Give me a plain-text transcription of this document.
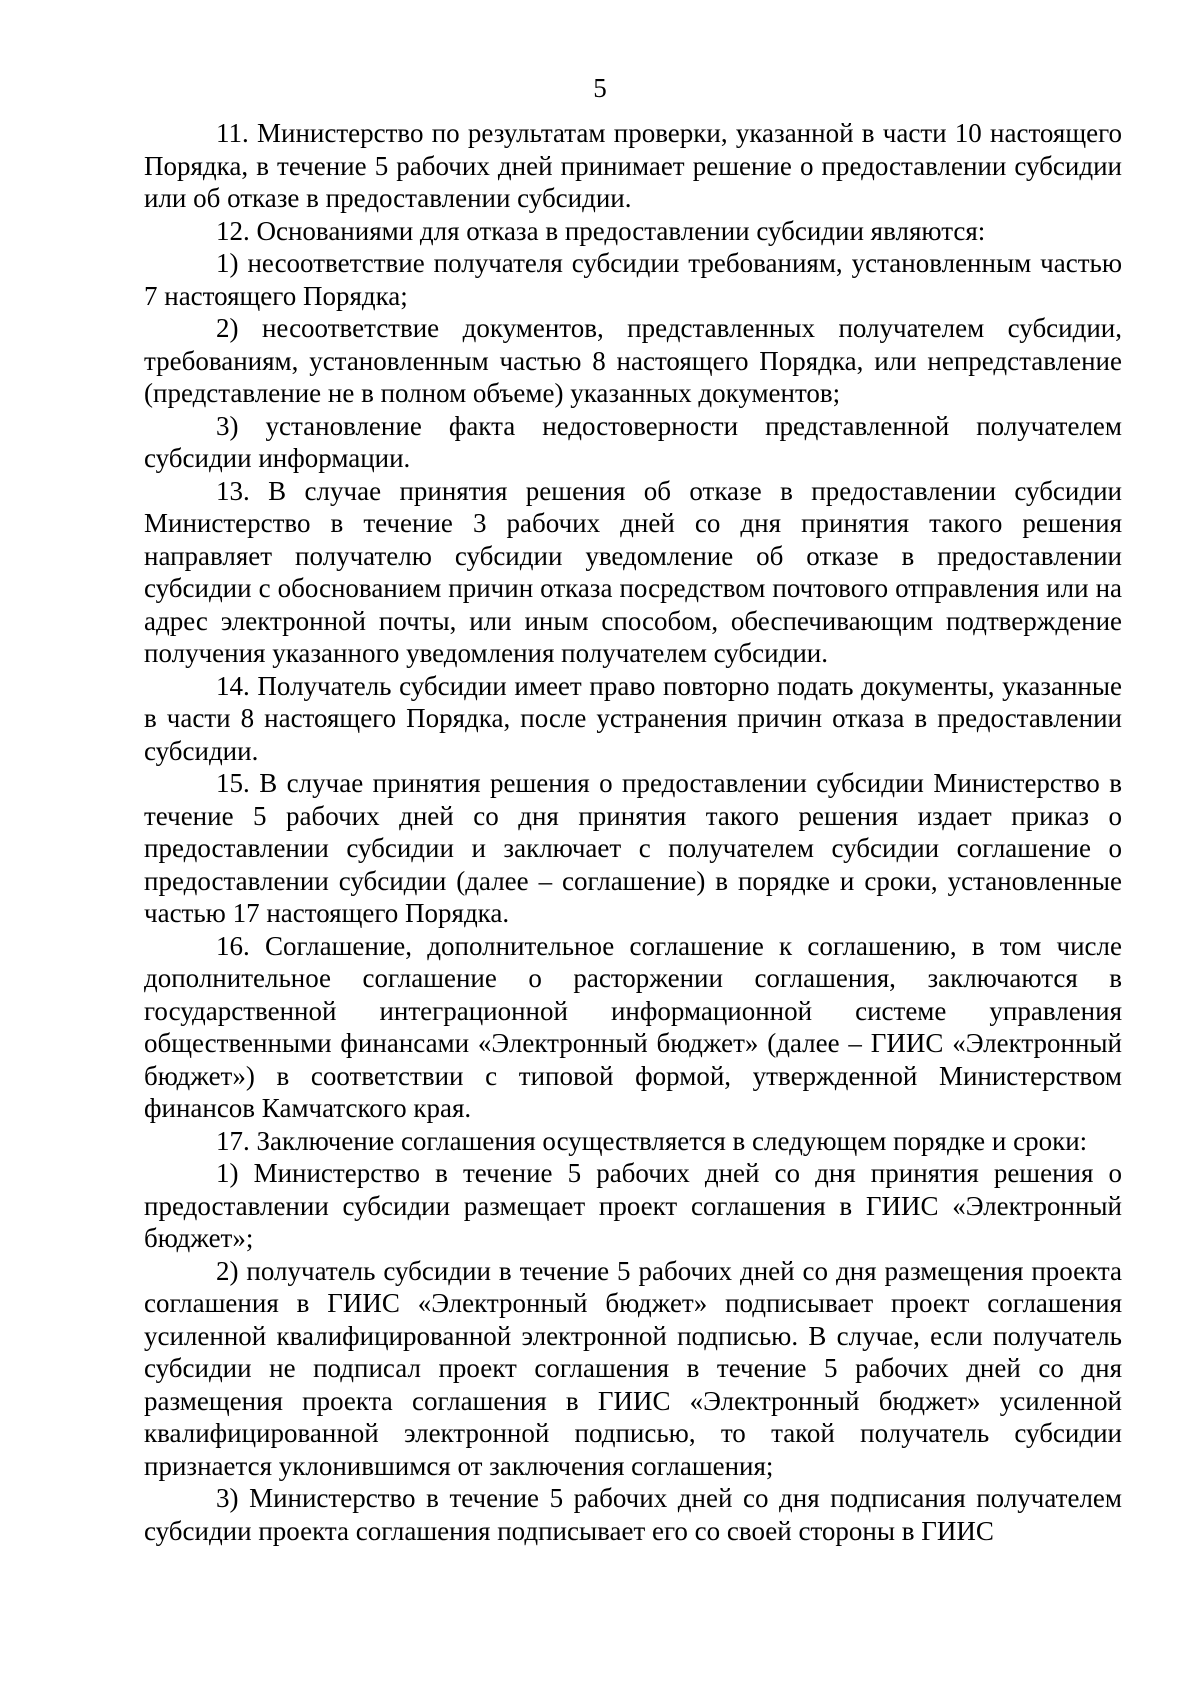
5

11. Министерство по результатам проверки, указанной в части 10 настоящего Порядка, в течение 5 рабочих дней принимает решение о предоставлении субсидии или об отказе в предоставлении субсидии.

12. Основаниями для отказа в предоставлении субсидии являются:

1) несоответствие получателя субсидии требованиям, установленным частью 7 настоящего Порядка;

2) несоответствие документов, представленных получателем субсидии, требованиям, установленным частью 8 настоящего Порядка, или непредставление (представление не в полном объеме) указанных документов;

3) установление факта недостоверности представленной получателем субсидии информации.

13. В случае принятия решения об отказе в предоставлении субсидии Министерство в течение 3 рабочих дней со дня принятия такого решения направляет получателю субсидии уведомление об отказе в предоставлении субсидии с обоснованием причин отказа посредством почтового отправления или на адрес электронной почты, или иным способом, обеспечивающим подтверждение получения указанного уведомления получателем субсидии.

14. Получатель субсидии имеет право повторно подать документы, указанные в части 8 настоящего Порядка, после устранения причин отказа в предоставлении субсидии.

15. В случае принятия решения о предоставлении субсидии Министерство в течение 5 рабочих дней со дня принятия такого решения издает приказ о предоставлении субсидии и заключает с получателем субсидии соглашение о предоставлении субсидии (далее – соглашение) в порядке и сроки, установленные частью 17 настоящего Порядка.

16. Соглашение, дополнительное соглашение к соглашению, в том числе дополнительное соглашение о расторжении соглашения, заключаются в государственной интеграционной информационной системе управления общественными финансами «Электронный бюджет» (далее – ГИИС «Электронный бюджет») в соответствии с типовой формой, утвержденной Министерством финансов Камчатского края.

17. Заключение соглашения осуществляется в следующем порядке и сроки:

1) Министерство в течение 5 рабочих дней со дня принятия решения о предоставлении субсидии размещает проект соглашения в ГИИС «Электронный бюджет»;

2) получатель субсидии в течение 5 рабочих дней со дня размещения проекта соглашения в ГИИС «Электронный бюджет» подписывает проект соглашения усиленной квалифицированной электронной подписью. В случае, если получатель субсидии не подписал проект соглашения в течение 5 рабочих дней со дня размещения проекта соглашения в ГИИС «Электронный бюджет» усиленной квалифицированной электронной подписью, то такой получатель субсидии признается уклонившимся от заключения соглашения;

3) Министерство в течение 5 рабочих дней со дня подписания получателем субсидии проекта соглашения подписывает его со своей стороны в ГИИС
